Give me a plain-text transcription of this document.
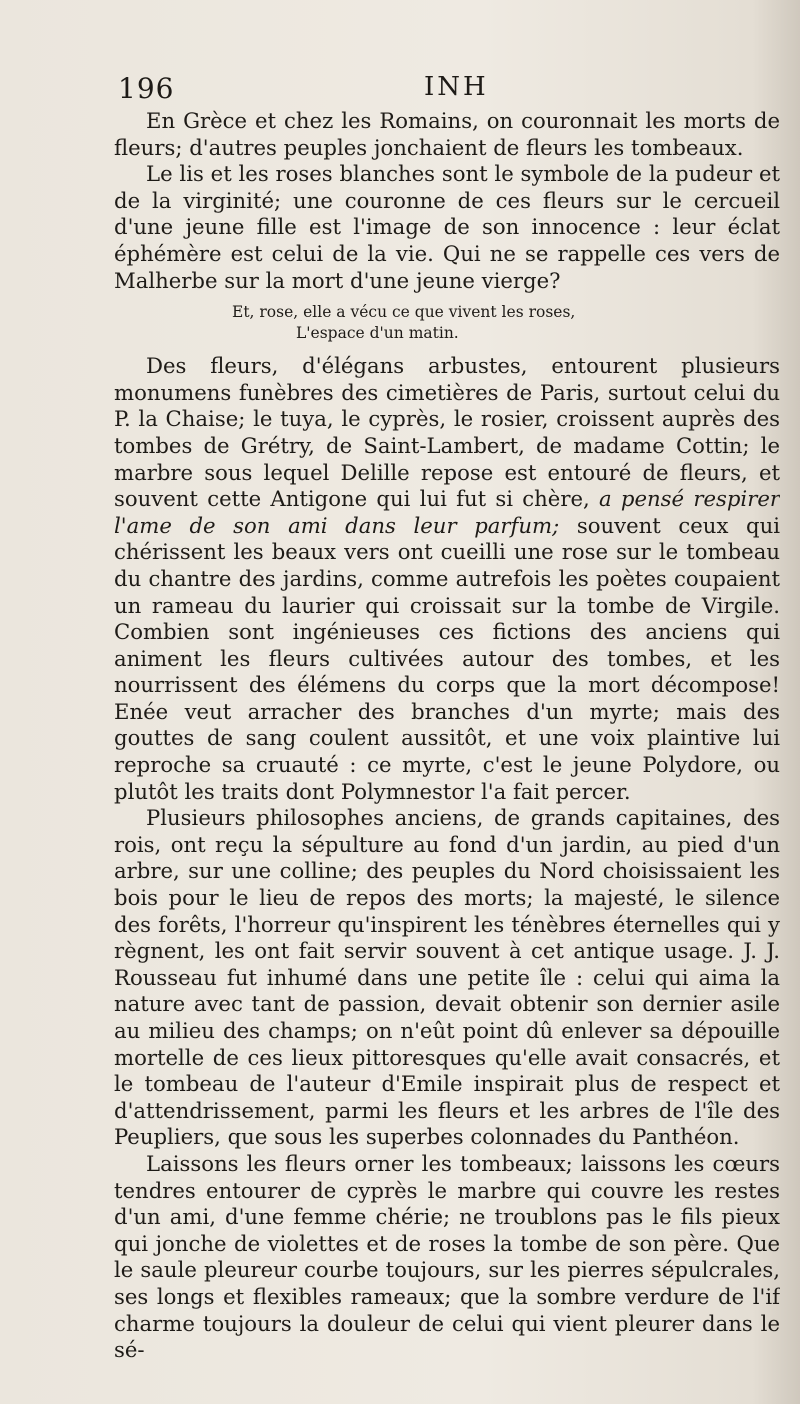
196	INH

En Grèce et chez les Romains, on couronnait les morts de fleurs; d'autres peuples jonchaient de fleurs les tombeaux.

Le lis et les roses blanches sont le symbole de la pudeur et de la virginité; une couronne de ces fleurs sur le cercueil d'une jeune fille est l'image de son innocence : leur éclat éphémère est celui de la vie. Qui ne se rappelle ces vers de Malherbe sur la mort d'une jeune vierge?

Et, rose, elle a vécu ce que vivent les roses,
L'espace d'un matin.

Des fleurs, d'élégans arbustes, entourent plusieurs monumens funèbres des cimetières de Paris, surtout celui du P. la Chaise; le tuya, le cyprès, le rosier, croissent auprès des tombes de Grétry, de Saint-Lambert, de madame Cottin; le marbre sous lequel Delille repose est entouré de fleurs, et souvent cette Antigone qui lui fut si chère, a pensé respirer l'ame de son ami dans leur parfum; souvent ceux qui chérissent les beaux vers ont cueilli une rose sur le tombeau du chantre des jardins, comme autrefois les poètes coupaient un rameau du laurier qui croissait sur la tombe de Virgile. Combien sont ingénieuses ces fictions des anciens qui animent les fleurs cultivées autour des tombes, et les nourrissent des élémens du corps que la mort décompose! Enée veut arracher des branches d'un myrte; mais des gouttes de sang coulent aussitôt, et une voix plaintive lui reproche sa cruauté : ce myrte, c'est le jeune Polydore, ou plutôt les traits dont Polymnestor l'a fait percer.

Plusieurs philosophes anciens, de grands capitaines, des rois, ont reçu la sépulture au fond d'un jardin, au pied d'un arbre, sur une colline; des peuples du Nord choisissaient les bois pour le lieu de repos des morts; la majesté, le silence des forêts, l'horreur qu'inspirent les ténèbres éternelles qui y règnent, les ont fait servir souvent à cet antique usage. J. J. Rousseau fut inhumé dans une petite île : celui qui aima la nature avec tant de passion, devait obtenir son dernier asile au milieu des champs; on n'eût point dû enlever sa dépouille mortelle de ces lieux pittoresques qu'elle avait consacrés, et le tombeau de l'auteur d'Emile inspirait plus de respect et d'attendrissement, parmi les fleurs et les arbres de l'île des Peupliers, que sous les superbes colonnades du Panthéon.

Laissons les fleurs orner les tombeaux; laissons les cœurs tendres entourer de cyprès le marbre qui couvre les restes d'un ami, d'une femme chérie; ne troublons pas le fils pieux qui jonche de violettes et de roses la tombe de son père. Que le saule pleureur courbe toujours, sur les pierres sépulcrales, ses longs et flexibles rameaux; que la sombre verdure de l'if charme toujours la douleur de celui qui vient pleurer dans le sé-
